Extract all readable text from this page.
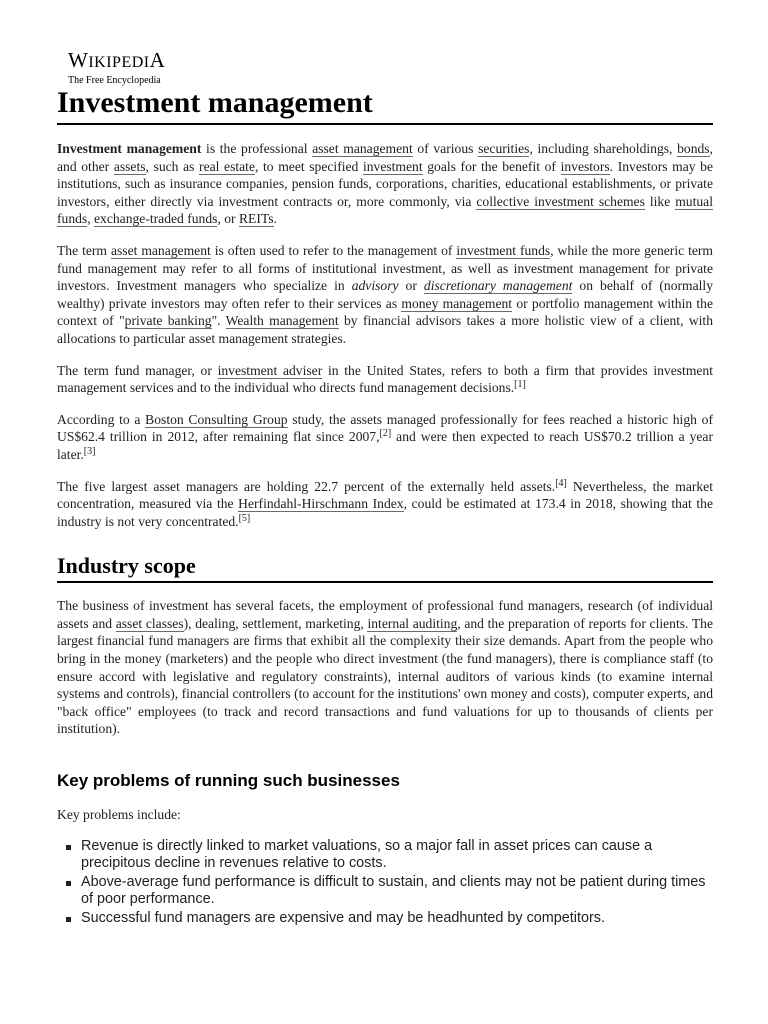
WIKIPEDIA
The Free Encyclopedia
Investment management

Investment management is the professional asset management of various securities, including shareholdings, bonds, and other assets, such as real estate, to meet specified investment goals for the benefit of investors. Investors may be institutions, such as insurance companies, pension funds, corporations, charities, educational establishments, or private investors, either directly via investment contracts or, more commonly, via collective investment schemes like mutual funds, exchange-traded funds, or REITs.

The term asset management is often used to refer to the management of investment funds, while the more generic term fund management may refer to all forms of institutional investment, as well as investment management for private investors. Investment managers who specialize in advisory or discretionary management on behalf of (normally wealthy) private investors may often refer to their services as money management or portfolio management within the context of "private banking". Wealth management by financial advisors takes a more holistic view of a client, with allocations to particular asset management strategies.

The term fund manager, or investment adviser in the United States, refers to both a firm that provides investment management services and to the individual who directs fund management decisions.[1]

According to a Boston Consulting Group study, the assets managed professionally for fees reached a historic high of US$62.4 trillion in 2012, after remaining flat since 2007,[2] and were then expected to reach US$70.2 trillion a year later.[3]

The five largest asset managers are holding 22.7 percent of the externally held assets.[4] Nevertheless, the market concentration, measured via the Herfindahl-Hirschmann Index, could be estimated at 173.4 in 2018, showing that the industry is not very concentrated.[5]

Industry scope

The business of investment has several facets, the employment of professional fund managers, research (of individual assets and asset classes), dealing, settlement, marketing, internal auditing, and the preparation of reports for clients. The largest financial fund managers are firms that exhibit all the complexity their size demands. Apart from the people who bring in the money (marketers) and the people who direct investment (the fund managers), there is compliance staff (to ensure accord with legislative and regulatory constraints), internal auditors of various kinds (to examine internal systems and controls), financial controllers (to account for the institutions' own money and costs), computer experts, and "back office" employees (to track and record transactions and fund valuations for up to thousands of clients per institution).

Key problems of running such businesses

Key problems include:

Revenue is directly linked to market valuations, so a major fall in asset prices can cause a precipitous decline in revenues relative to costs.
Above-average fund performance is difficult to sustain, and clients may not be patient during times of poor performance.
Successful fund managers are expensive and may be headhunted by competitors.
